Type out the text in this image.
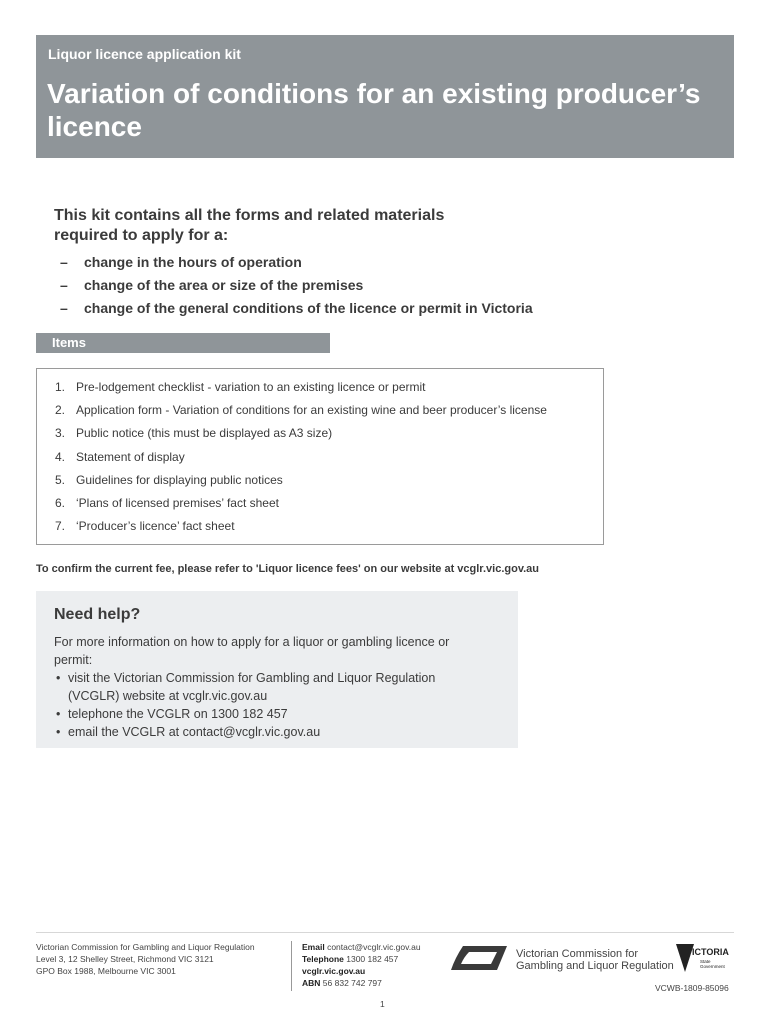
Liquor licence application kit
Variation of conditions for an existing producer’s licence
This kit contains all the forms and related materials
required to apply for a:
– change in the hours of operation
– change of the area or size of the premises
– change of the general conditions of the licence or permit in Victoria
Items
1. Pre-lodgement checklist - variation to an existing licence or permit
2. Application form - Variation of conditions for an existing wine and beer producer’s license
3. Public notice (this must be displayed as A3 size)
4. Statement of display
5. Guidelines for displaying public notices
6. ‘Plans of licensed premises’ fact sheet
7. ‘Producer’s licence’ fact sheet
To confirm the current fee, please refer to 'Liquor licence fees' on our website at vcglr.vic.gov.au
Need help?
For more information on how to apply for a liquor or gambling licence or
permit:
• visit the Victorian Commission for Gambling and Liquor Regulation
(VCGLR) website at vcglr.vic.gov.au
• telephone the VCGLR on 1300 182 457
• email the VCGLR at contact@vcglr.vic.gov.au
Victorian Commission for Gambling and Liquor Regulation
Level 3, 12 Shelley Street, Richmond VIC 3121
GPO Box 1988, Melbourne VIC 3001
Email contact@vcglr.vic.gov.au
Telephone 1300 182 457
vcglr.vic.gov.au
ABN 56 832 742 797
Victorian Commission for
Gambling and Liquor Regulation
VICTORIA
State
Government
VCWB-1809-85096
1
